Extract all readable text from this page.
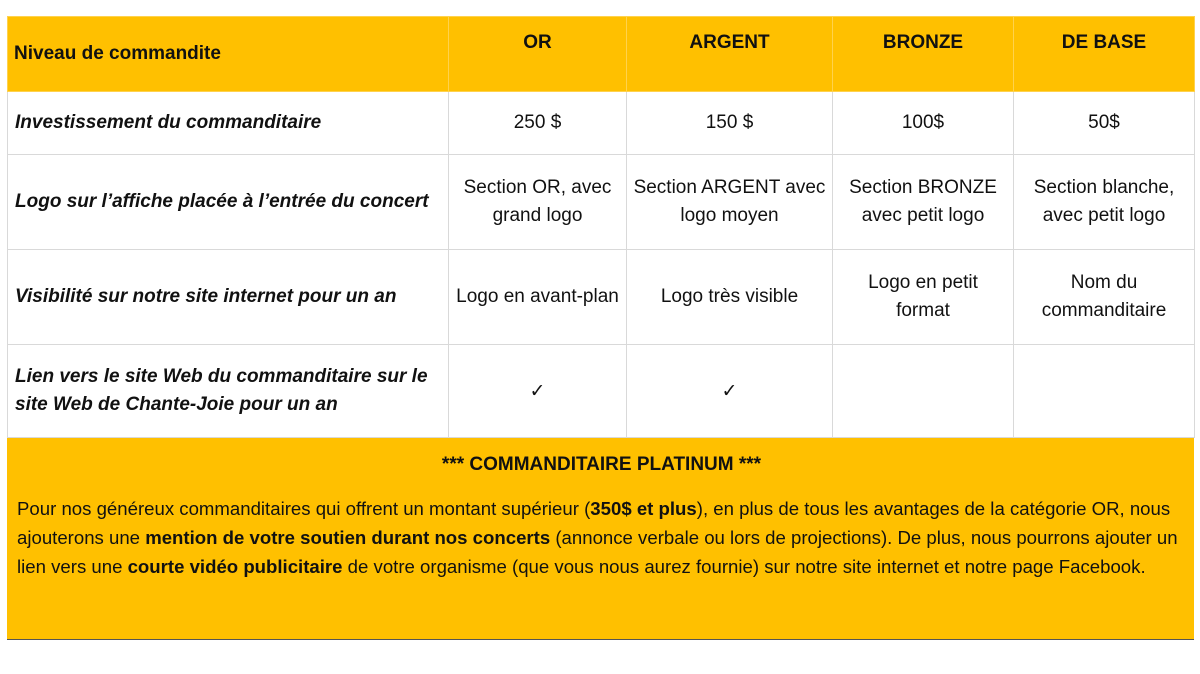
Niveau de commandite	OR	ARGENT	BRONZE	DE BASE
Investissement du commanditaire	250 $	150 $	100$	50$
Logo sur l’affiche placée à l’entrée du concert	Section OR, avec grand logo	Section ARGENT avec logo moyen	Section BRONZE avec petit logo	Section blanche, avec petit logo
Visibilité sur notre site internet pour un an	Logo en avant-plan	Logo très visible	Logo en petit format	Nom du commanditaire
Lien vers le site Web du commanditaire sur le site Web de Chante-Joie pour un an	✓	✓		
*** COMMANDITAIRE PLATINUM ***
Pour nos généreux commanditaires qui offrent un montant supérieur (350$ et plus), en plus de tous les avantages de la catégorie OR, nous ajouterons une mention de votre soutien durant nos concerts (annonce verbale ou lors de projections). De plus, nous pourrons ajouter un lien vers une courte vidéo publicitaire de votre organisme (que vous nous aurez fournie) sur notre site internet et notre page Facebook.
